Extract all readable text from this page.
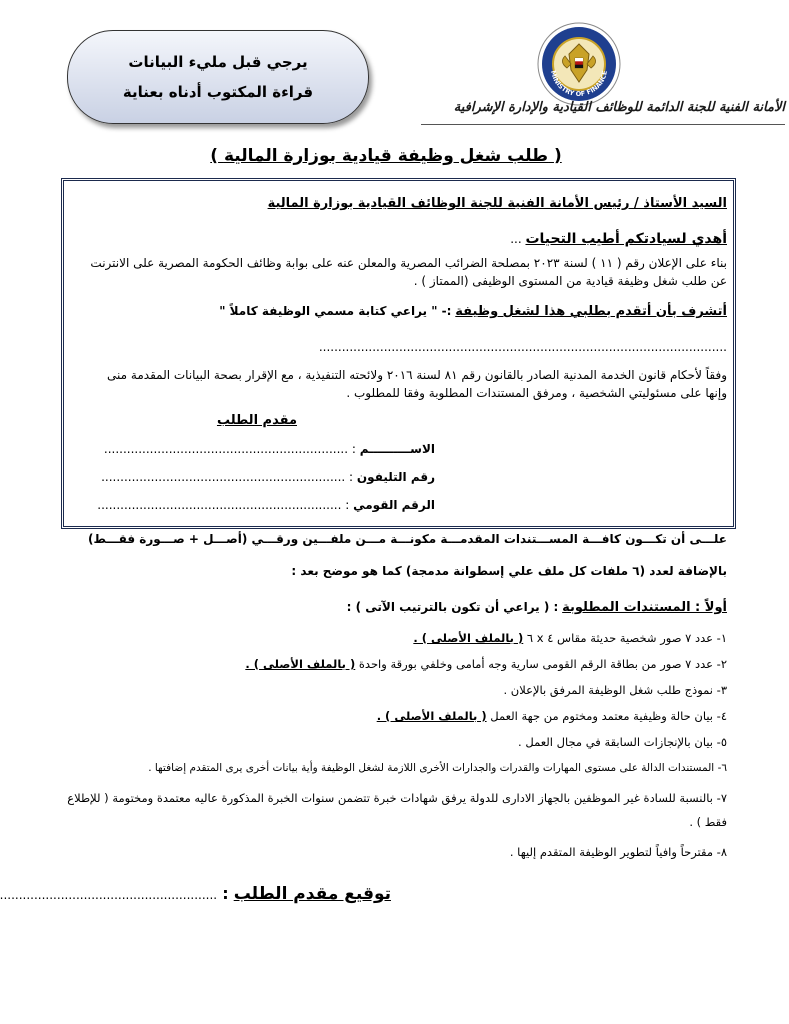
يرجي قبل مليء البيانات
قراءة المكتوب أدناه بعناية
MINISTRY OF FINANCE
الأمانة الفنية للجنة الدائمة للوظائف القيادية والإدارة الإشرافية
( طلب شغل وظيفة قيادية بوزارة المالية )
السيد الأستاذ / رئيس الأمانة الفنية للجنة الوظائف القيادية بوزارة المالية
أهدي لسيادتكم أطيب التحيات ...
بناء على الإعلان رقم ( ١١ ) لسنة ٢٠٢٣ بمصلحة الضرائب المصرية والمعلن عنه على بوابة وظائف الحكومة المصرية على الانترنت عن طلب شغل وظيفة قيادية من المستوى الوظيفى (الممتاز ) .
أتشرف بأن أتقدم بطلبي هذا لشغل وظيفة :- " يراعي كتابة مسمي الوظيفة كاملاً "
...........................................................................................................
وفقاً لأحكام قانون الخدمة المدنية الصادر بالقانون رقم ٨١ لسنة ٢٠١٦ ولائحته التنفيذية ، مع الإقرار بصحة البيانات المقدمة منى وإنها على مسئوليتي الشخصية ، ومرفق المستندات المطلوبة وفقا للمطلوب .
مقدم الطلب
الاســــــــــم : ................................................................
رقم التليفون : ................................................................
الرقم القومي : ................................................................
علـــى أن تكـــون كافـــة المســـتندات المقدمـــة مكونـــة مـــن ملفـــين ورقـــي (أصـــل + صـــورة فقـــط)
بالإضافة لعدد (٦ ملفات كل ملف علي إسطوانة مدمجة) كما هو موضح بعد :
أولاً : المستندات المطلوبة : ( يراعي أن تكون بالترتيب الآتى ) :
١- عدد ٧ صور شخصية حديثة مقاس ٤ x ٦ ( بالملف الأصلى ) .
٢- عدد ٧ صور من بطاقة الرقم القومى سارية وجه أمامى وخلفي بورقة واحدة ( بالملف الأصلى ) .
٣- نموذج طلب شغل الوظيفة المرفق بالإعلان .
٤- بيان حالة وظيفية معتمد ومختوم من جهة العمل ( بالملف الأصلى ) .
٥- بيان بالإنجازات السابقة في مجال العمل .
٦- المستندات الدالة على مستوى المهارات والقدرات والجدارات الأخرى اللازمة لشغل الوظيفة وأية بيانات أخرى يرى المتقدم إضافتها .
٧- بالنسبة للسادة غير الموظفين بالجهاز الادارى للدولة يرفق شهادات خبرة تتضمن سنوات الخبرة المذكورة عاليه معتمدة ومختومة ( للإطلاع فقط ) .
٨- مقترحاً وافياً لتطوير الوظيفة المتقدم إليها .
توقيع مقدم الطلب : .........................................................
